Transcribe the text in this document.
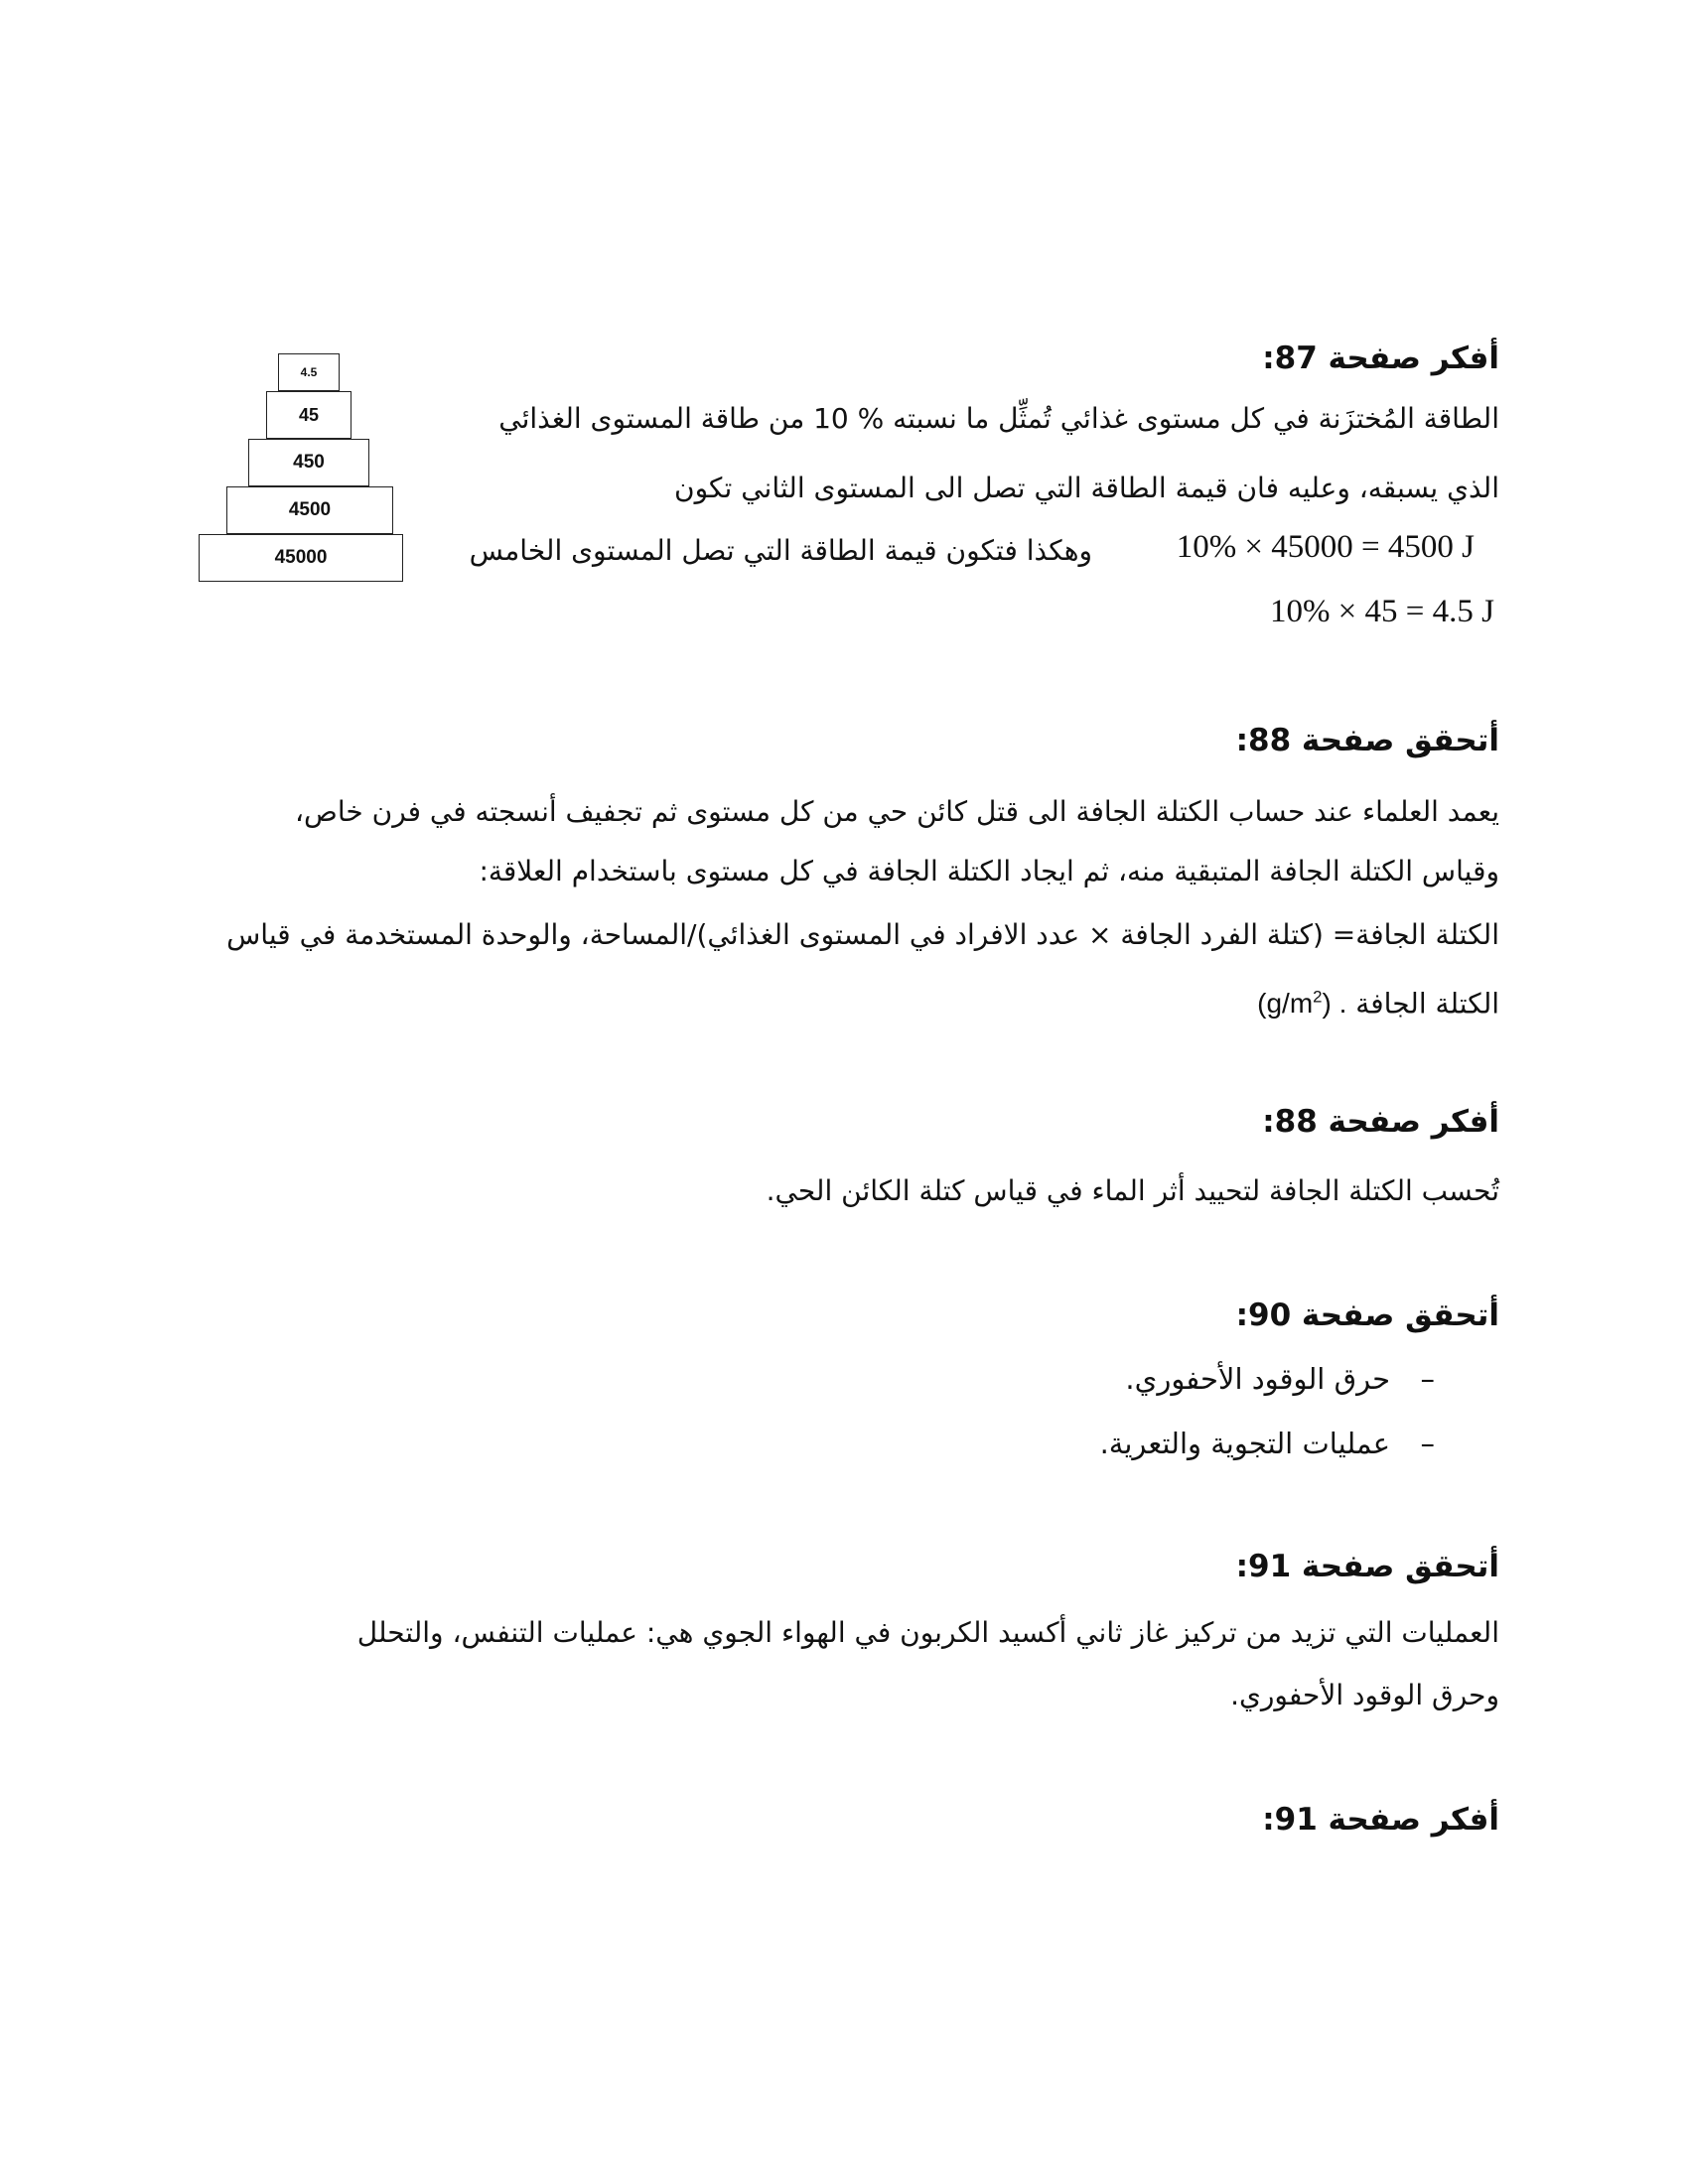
4.5
45
450
4500
45000
أفكر صفحة 87:
الطاقة المُختزَنة في كل مستوى غذائي تُمثِّل ما نسبته % 10 من طاقة المستوى الغذائي
الذي يسبقه، وعليه فان قيمة الطاقة التي تصل الى المستوى الثاني تكون
وهكذا فتكون قيمة الطاقة التي تصل المستوى الخامس	10% × 45000 = 4500 J
10% × 45 = 4.5 J
أتحقق صفحة 88:
يعمد العلماء عند حساب الكتلة الجافة الى قتل كائن حي من كل مستوى ثم تجفيف أنسجته في فرن خاص،
وقياس الكتلة الجافة المتبقية منه، ثم ايجاد الكتلة الجافة في كل مستوى باستخدام العلاقة:
الكتلة الجافة= (كتلة الفرد الجافة × عدد الافراد في المستوى الغذائي)/المساحة، والوحدة المستخدمة في قياس
الكتلة الجافة $(g/m^2)$ .
أفكر صفحة 88:
تُحسب الكتلة الجافة لتحييد أثر الماء في قياس كتلة الكائن الحي.
أتحقق صفحة 90:
–
حرق الوقود الأحفوري.
–
عمليات التجوية والتعرية.
أتحقق صفحة 91:
العمليات التي تزيد من تركيز غاز ثاني أكسيد الكربون في الهواء الجوي هي: عمليات التنفس، والتحلل
وحرق الوقود الأحفوري.
أفكر صفحة 91:
